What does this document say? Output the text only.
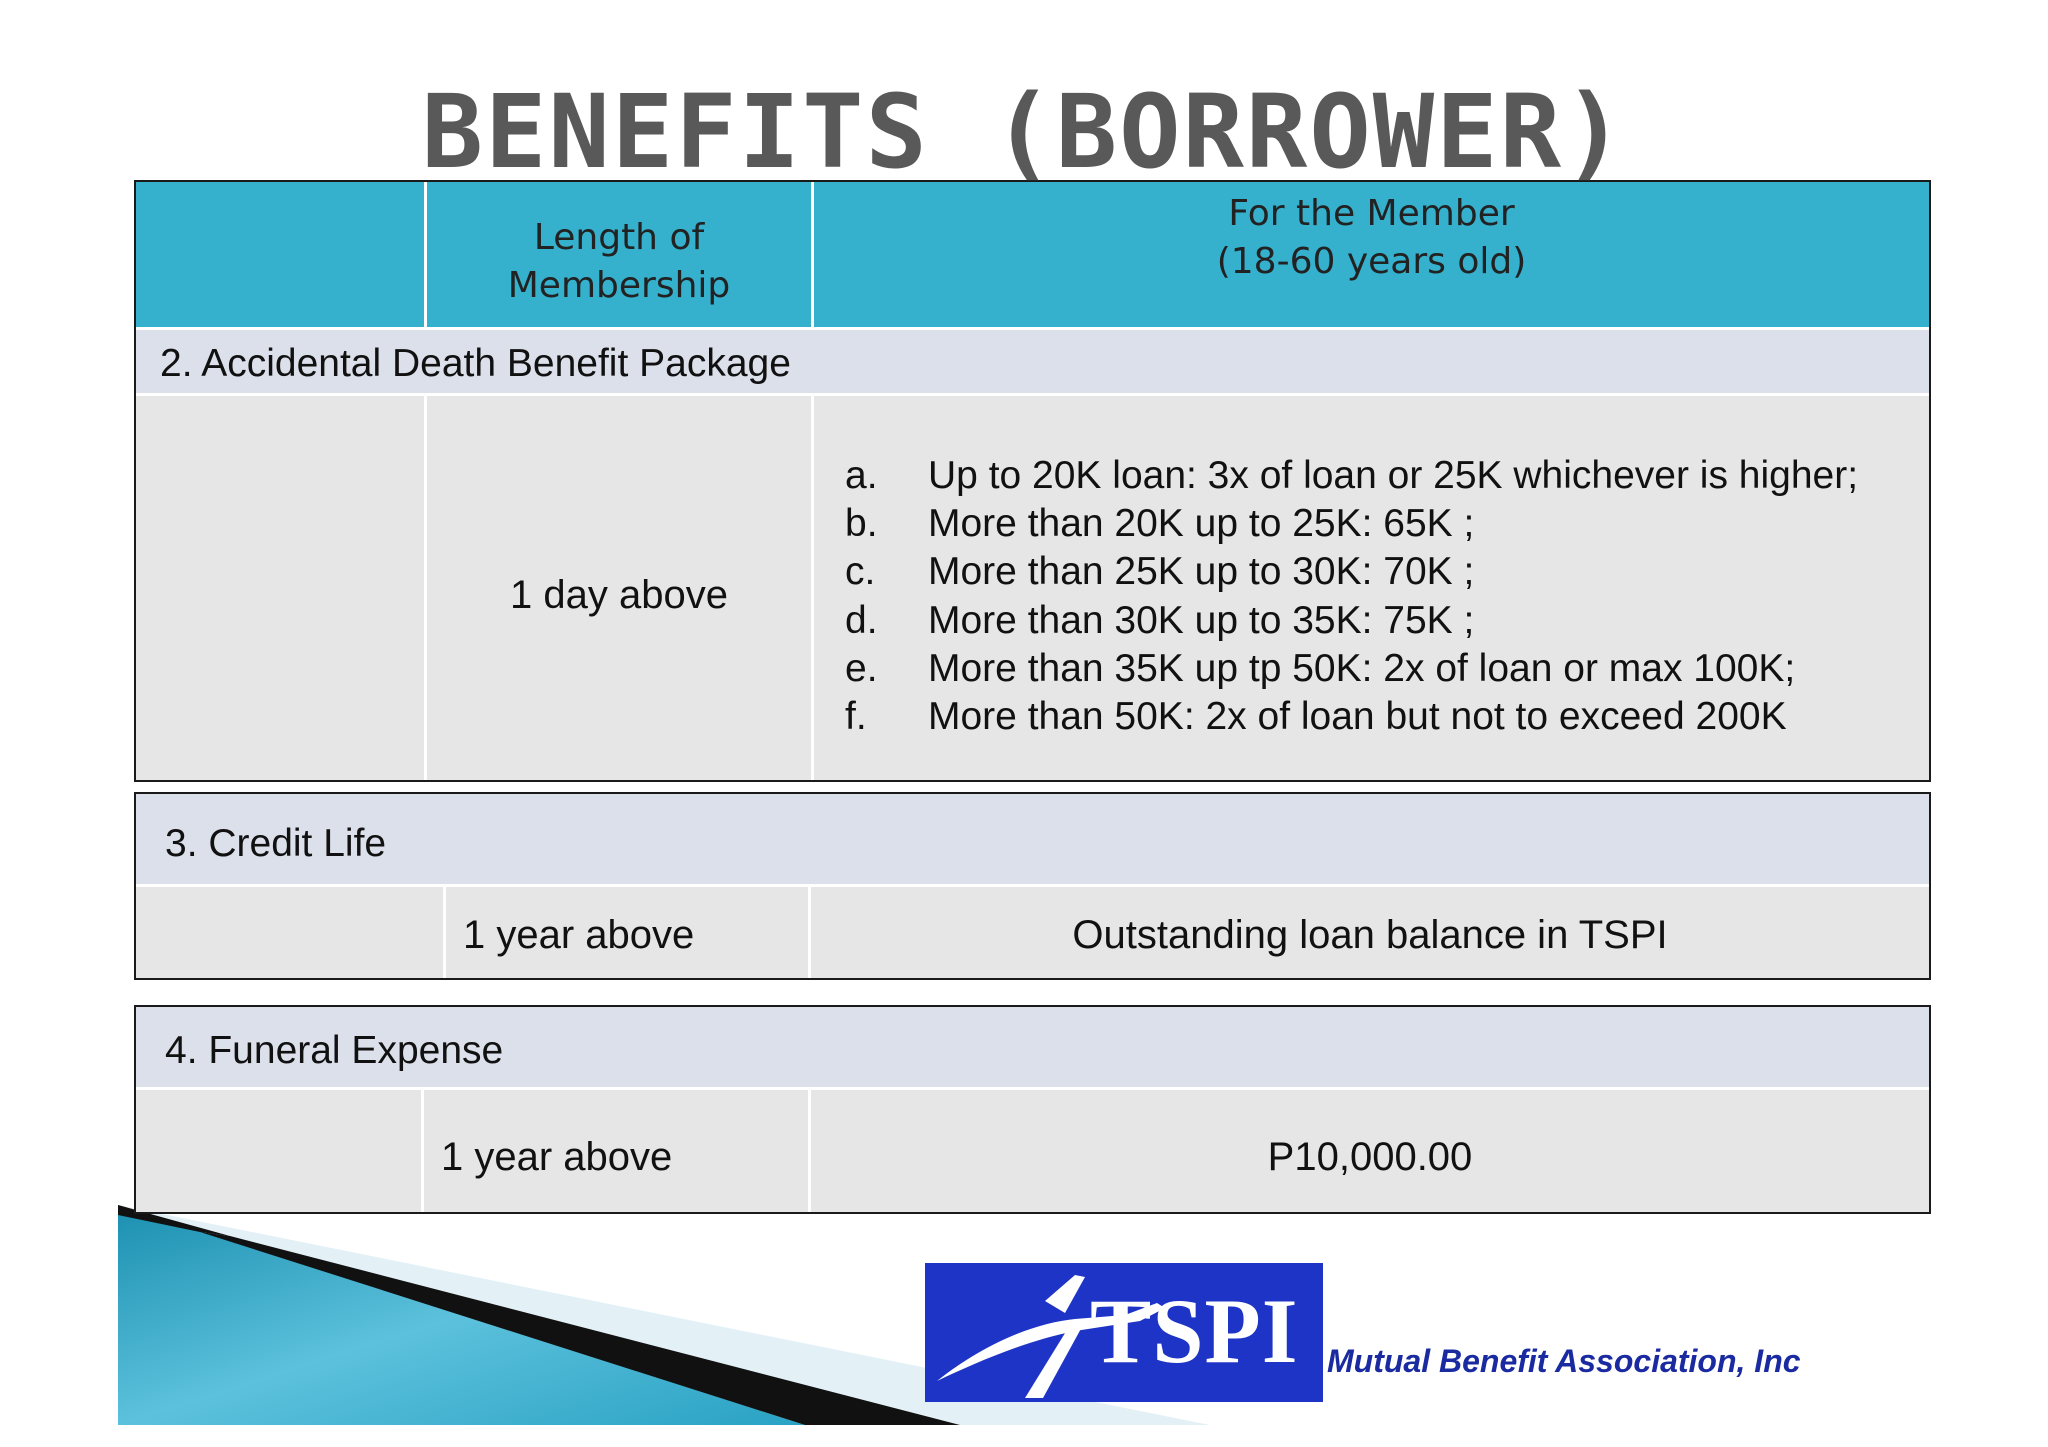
BENEFITS (BORROWER)
Length of
Membership
For the Member
(18-60 years old)
2. Accidental Death Benefit Package
1 day above
a. Up to 20K loan: 3x of loan or 25K whichever is higher;
b. More than 20K up to 25K: 65K ;
c. More than 25K up to 30K: 70K ;
d. More than 30K up to 35K: 75K ;
e. More than 35K up tp 50K: 2x of loan or max 100K;
f. More than 50K: 2x of loan but not to exceed 200K
3. Credit Life
1 year above	Outstanding loan balance in TSPI
4. Funeral Expense
1 year above	P10,000.00
TSPI Mutual Benefit Association, Inc
